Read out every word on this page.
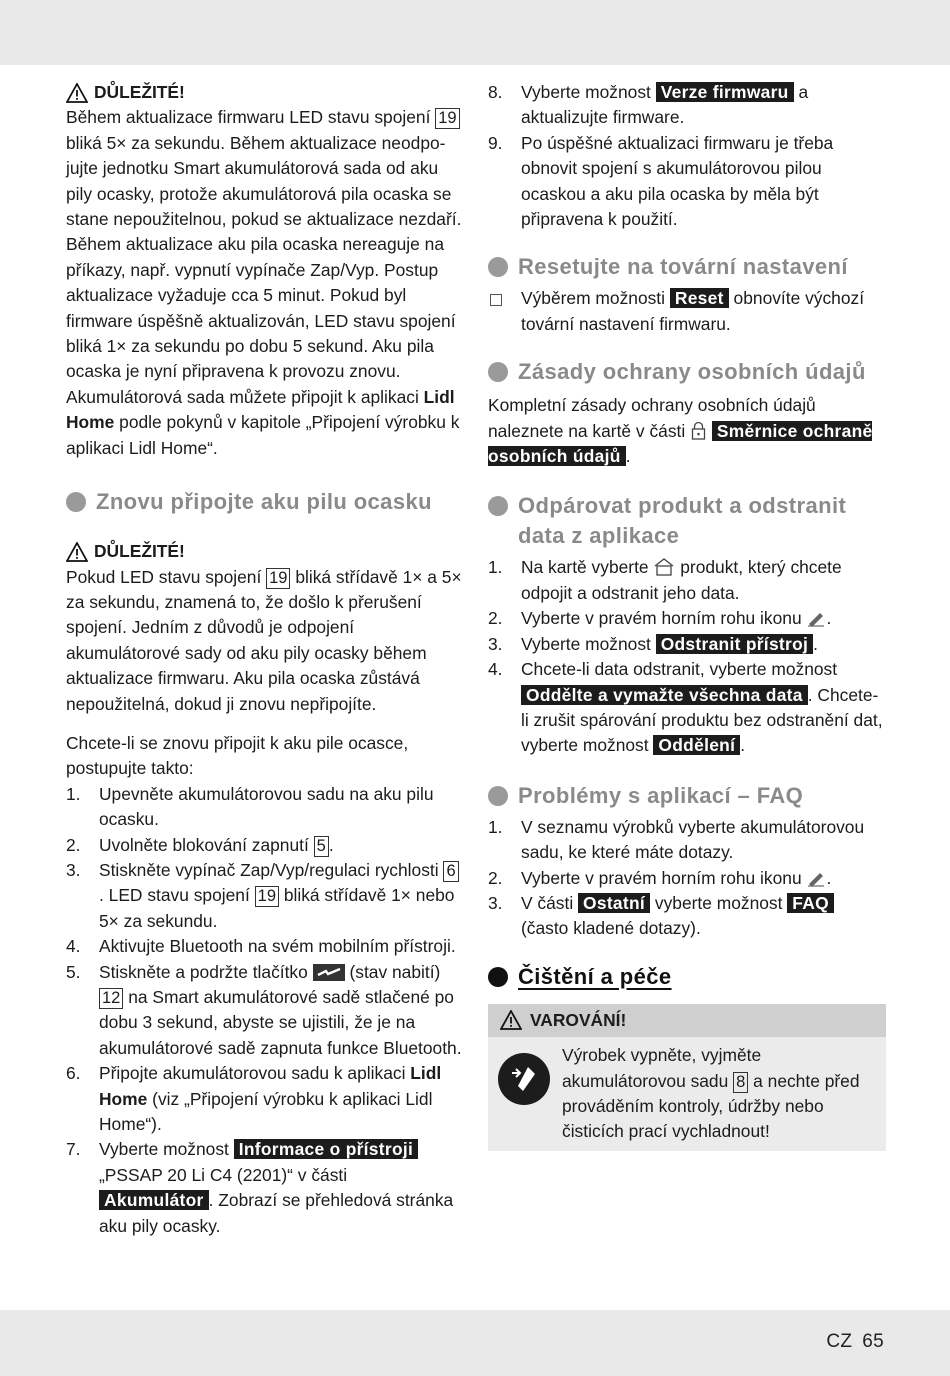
DŮLEŽITÉ!

Během aktualizace firmwaru LED stavu spojení 19 bliká 5× za sekundu. Během aktualizace neodpojujte jednotku Smart akumulátorová sada od aku pily ocasky, protože akumulátorová pila ocaska se stane nepoužitelnou, pokud se aktualizace nezdaří. Během aktualizace aku pila ocaska nereaguje na příkazy, např. vypnutí vypínače Zap/Vyp. Postup aktualizace vyžaduje cca 5 minut. Pokud byl firmware úspěšně aktualizován, LED stavu spojení bliká 1× za sekundu po dobu 5 sekund. Aku pila ocaska je nyní připravena k provozu znovu. Akumulátorová sada můžete připojit k aplikaci Lidl Home podle pokynů v kapitole „Připojení výrobku k aplikaci Lidl Home“.

Znovu připojte aku pilu ocasku
DŮLEŽITÉ!

Pokud LED stavu spojení 19 bliká střídavě 1× a 5× za sekundu, znamená to, že došlo k přerušení spojení. Jedním z důvodů je odpojení akumulátorové sady od aku pily ocasky během aktualizace firmwaru. Aku pila ocaska zůstává nepoužitelná, dokud ji znovu nepřipojíte.

Chcete-li se znovu připojit k aku pile ocasce, postupujte takto:

1.	Upevněte akumulátorovou sadu na aku pilu ocasku.
2.	Uvolněte blokování zapnutí 5 .
3.	Stiskněte vypínač Zap/Vyp/regulaci rychlosti 6. LED stavu spojení 19 bliká střídavě 1× nebo 5× za sekundu.
4.	Aktivujte Bluetooth na svém mobilním přístroji.
5.	Stiskněte a podržte tlačítko  (stav nabití) 12 na Smart akumulátorové sadě stlačené po dobu 3 sekund, abyste se ujistili, že je na akumulátorové sadě zapnuta funkce Bluetooth.
6.	Připojte akumulátorovou sadu k aplikaci Lidl Home (viz „Připojení výrobku k aplikaci Lidl Home“).
7.	Vyberte možnost Informace o přístroji „PSSAP 20 Li C4 (2201)“ v části Akumulátor . Zobrazí se přehledová stránka aku pily ocasky.
8.	Vyberte možnost Verze firmwaru a aktualizujte firmware.
9.	Po úspěšné aktualizaci firmwaru je třeba obnovit spojení s akumulátorovou pilou ocaskou a aku pila ocaska by měla být připravena k použití.
Resetujte na tovární nastavení
Výběrem možnosti Reset obnovíte výchozí tovární nastavení firmwaru.
Zásady ochrany osobních údajů

Kompletní zásady ochrany osobních údajů naleznete na kartě v části  Směrnice ochraně osobních údajů .

Odpárovat produkt a odstranit data z aplikace
1.	Na kartě vyberte  produkt, který chcete odpojit a odstranit jeho data.
2.	Vyberte v pravém horním rohu ikonu .
3.	Vyberte možnost Odstranit přístroj .
4.	Chcete-li data odstranit, vyberte možnost Oddělte a vymažte všechna data . Chcete-li zrušit spárování produktu bez odstranění dat, vyberte možnost Oddělení .
Problémy s aplikací – FAQ
1.	V seznamu výrobků vyberte akumulátorovou sadu, ke které máte dotazy.
2.	Vyberte v pravém horním rohu ikonu .
3.	V části Ostatní vyberte možnost FAQ (často kladené dotazy).
Čištění a péče
VAROVÁNÍ!

Výrobek vypněte, vyjměte akumulátorovou sadu 8 a nechte před prováděním kontroly, údržby nebo čisticích prací vychladnout!

CZ 65
